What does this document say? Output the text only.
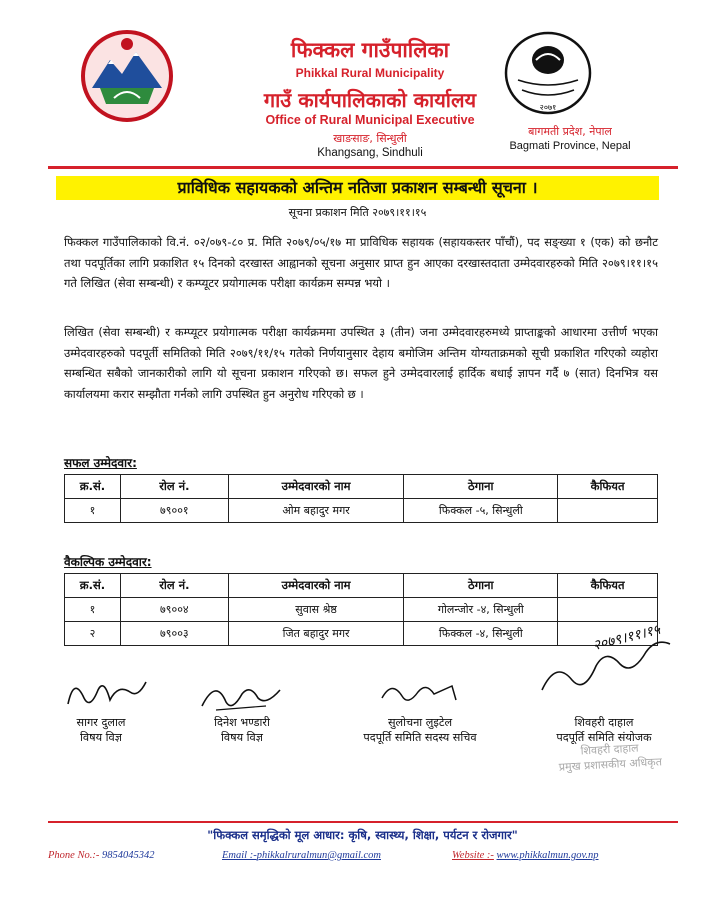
२०७१
फिक्कल गाउँपालिका
Phikkal Rural Municipality
गाउँ कार्यपालिकाको कार्यालय
Office of Rural Municipal Executive
खाङसाङ, सिन्धुली
Khangsang, Sindhuli
बागमती प्रदेश, नेपाल
Bagmati Province, Nepal
प्राविधिक सहायकको अन्तिम नतिजा प्रकाशन सम्बन्धी सूचना ।
सूचना प्रकाशन मिति २०७९।११।१५
फिक्कल गाउँपालिकाको वि.नं. ०२/०७९-८० प्र. मिति २०७९/०५/१७ मा प्राविधिक सहायक (सहायकस्तर पाँचौं), पद सङ्ख्या १ (एक) को छनौट तथा पदपूर्तिका लागि प्रकाशित १५ दिनको दरखास्त आह्वानको सूचना अनुसार प्राप्त हुन आएका दरखास्तदाता उम्मेदवारहरुको मिति २०७९।११।१५ गते लिखित (सेवा सम्बन्धी) र कम्प्यूटर प्रयोगात्मक परीक्षा कार्यक्रम सम्पन्न भयो ।
लिखित (सेवा सम्बन्धी) र कम्प्यूटर प्रयोगात्मक परीक्षा कार्यक्रममा उपस्थित ३ (तीन) जना उम्मेदवारहरुमध्ये प्राप्ताङ्कको आधारमा उत्तीर्ण भएका उम्मेदवारहरुको पदपूर्ती समितिको मिति २०७९/११/१५ गतेको निर्णयानुसार देहाय बमोजिम अन्तिम योग्यताक्रमको सूची प्रकाशित गरिएको व्यहोरा सम्बन्धित सबैको जानकारीको लागि यो सूचना प्रकाशन गरिएको छ। सफल हुने उम्मेदवारलाई हार्दिक बधाई ज्ञापन गर्दै ७ (सात) दिनभित्र यस कार्यालयमा करार सम्झौता गर्नको लागि उपस्थित हुन अनुरोध गरिएको छ ।
सफल उम्मेदवार:
क्र.सं.	रोल नं.	उम्मेदवारको नाम	ठेगाना	कैफियत
१	७९००१	ओम बहादुर मगर	फिक्कल -५, सिन्धुली	
वैकल्पिक उम्मेदवार:
क्र.सं.	रोल नं.	उम्मेदवारको नाम	ठेगाना	कैफियत
१	७९००४	सुवास श्रेष्ठ	गोलन्जोर -४, सिन्धुली	
२	७९००३	जित बहादुर मगर	फिक्कल -४, सिन्धुली		२०७९।११।१५
सागर दुलाल
विषय विज्ञ
दिनेश भण्डारी
विषय विज्ञ
सुलोचना लुइटेल
पदपूर्ति समिति सदस्य सचिव
शिवहरी दाहाल
पदपूर्ति समिति संयोजक
शिवहरी दाहाल
प्रमुख प्रशासकीय अधिकृत
"फिक्कल समृद्धिको मूल आधार: कृषि, स्वास्थ्य, शिक्षा, पर्यटन र रोजगार"
Phone No.:- 9854045342	Email :-phikkalruralmun@gmail.com	Website :- www.phikkalmun.gov.np
